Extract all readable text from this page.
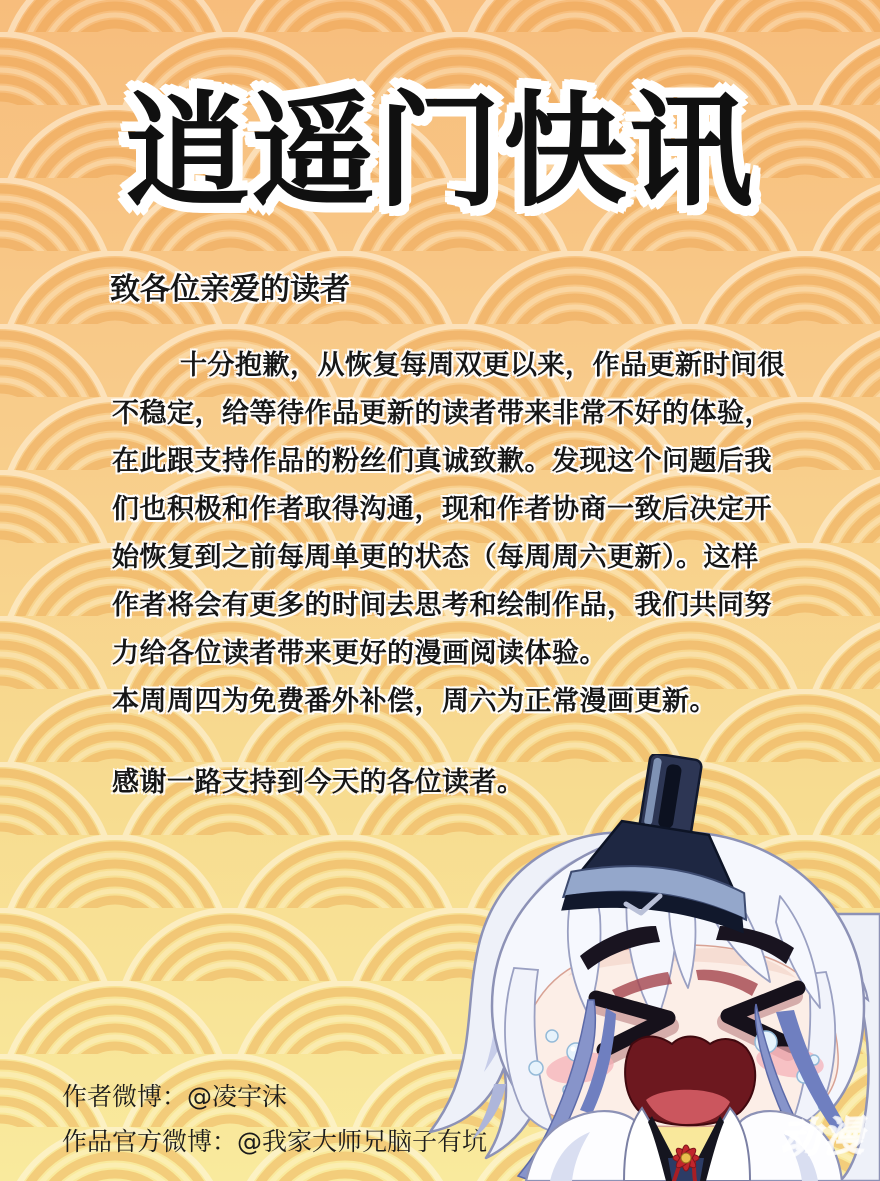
逍遥门快讯
致各位亲爱的读者
十分抱歉，从恢复每周双更以来，作品更新时间很
不稳定，给等待作品更新的读者带来非常不好的体验，
在此跟支持作品的粉丝们真诚致歉。发现这个问题后我
们也积极和作者取得沟通，现和作者协商一致后决定开
始恢复到之前每周单更的状态（每周周六更新）。这样
作者将会有更多的时间去思考和绘制作品，我们共同努
力给各位读者带来更好的漫画阅读体验。
本周周四为免费番外补偿，周六为正常漫画更新。
感谢一路支持到今天的各位读者。
作者微博：@凌宇沫
作品官方微博：@我家大师兄脑子有坑	动漫
